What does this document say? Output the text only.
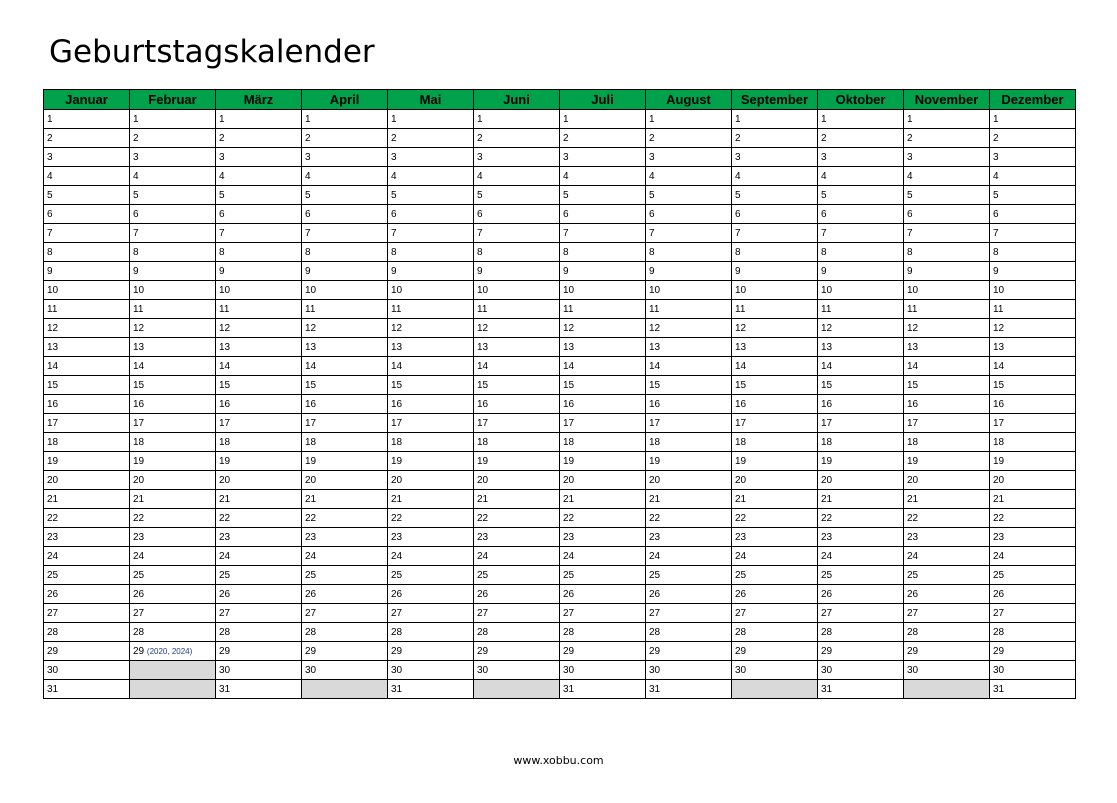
Geburtstagskalender
Januar	Februar	März	April	Mai	Juni	Juli	August	September	Oktober	November	Dezember
1	1	1	1	1	1	1	1	1	1	1	1
2	2	2	2	2	2	2	2	2	2	2	2
3	3	3	3	3	3	3	3	3	3	3	3
4	4	4	4	4	4	4	4	4	4	4	4
5	5	5	5	5	5	5	5	5	5	5	5
6	6	6	6	6	6	6	6	6	6	6	6
7	7	7	7	7	7	7	7	7	7	7	7
8	8	8	8	8	8	8	8	8	8	8	8
9	9	9	9	9	9	9	9	9	9	9	9
10	10	10	10	10	10	10	10	10	10	10	10
11	11	11	11	11	11	11	11	11	11	11	11
12	12	12	12	12	12	12	12	12	12	12	12
13	13	13	13	13	13	13	13	13	13	13	13
14	14	14	14	14	14	14	14	14	14	14	14
15	15	15	15	15	15	15	15	15	15	15	15
16	16	16	16	16	16	16	16	16	16	16	16
17	17	17	17	17	17	17	17	17	17	17	17
18	18	18	18	18	18	18	18	18	18	18	18
19	19	19	19	19	19	19	19	19	19	19	19
20	20	20	20	20	20	20	20	20	20	20	20
21	21	21	21	21	21	21	21	21	21	21	21
22	22	22	22	22	22	22	22	22	22	22	22
23	23	23	23	23	23	23	23	23	23	23	23
24	24	24	24	24	24	24	24	24	24	24	24
25	25	25	25	25	25	25	25	25	25	25	25
26	26	26	26	26	26	26	26	26	26	26	26
27	27	27	27	27	27	27	27	27	27	27	27
28	28	28	28	28	28	28	28	28	28	28	28
29	29 (2020, 2024)	29	29	29	29	29	29	29	29	29	29
30		30	30	30	30	30	30	30	30	30	30
31		31		31		31	31		31		31
www.xobbu.com
